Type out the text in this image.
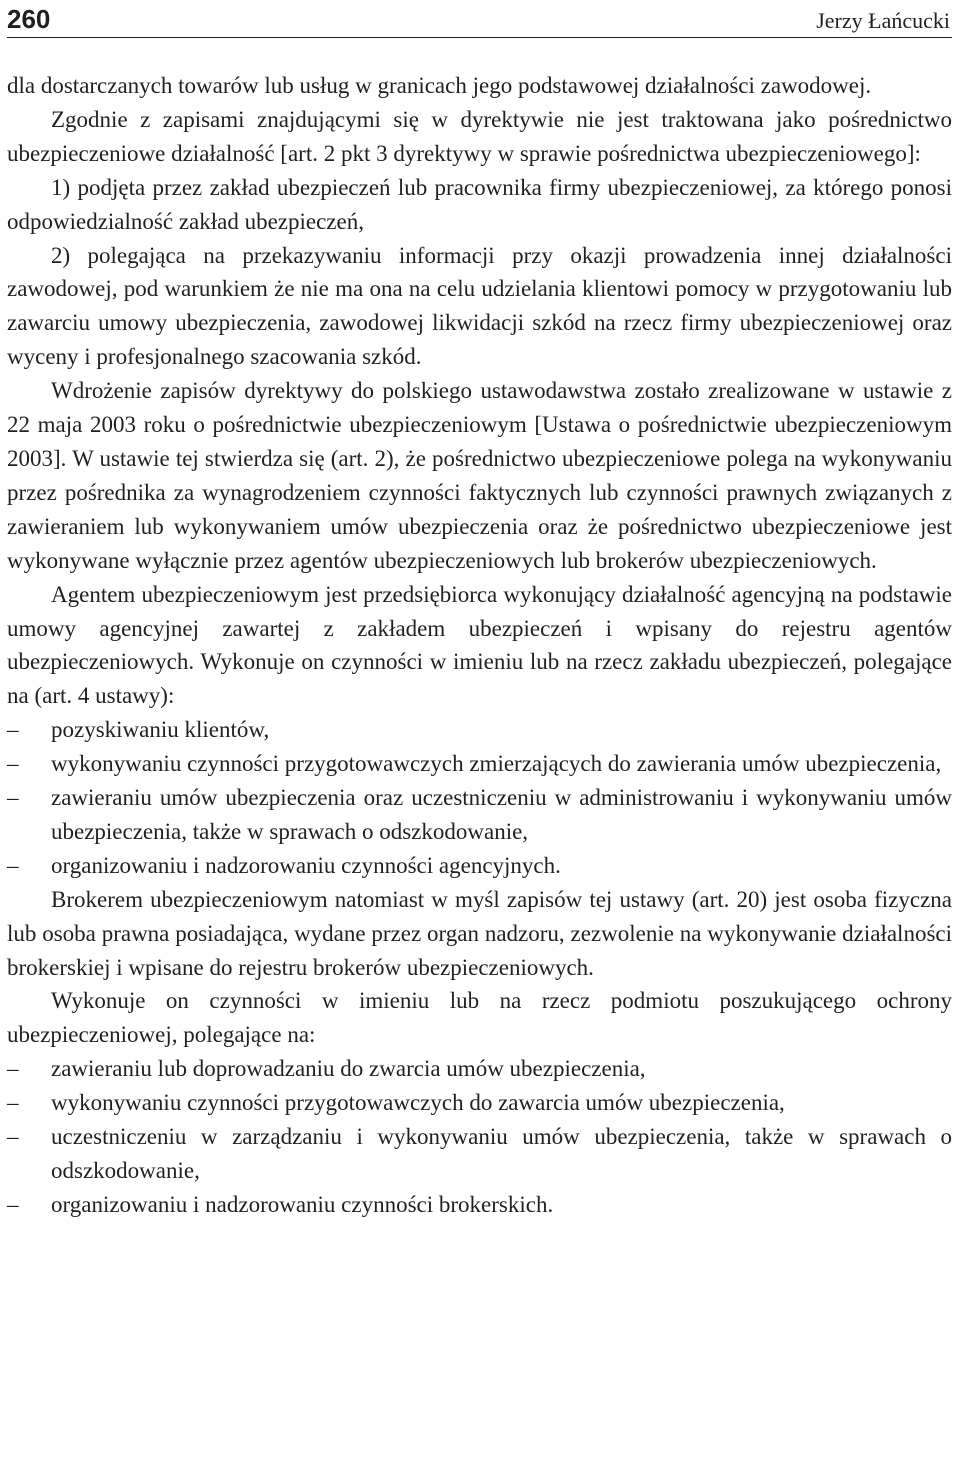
260	Jerzy Łańcucki

dla dostarczanych towarów lub usług w granicach jego podstawowej działalności zawodowej.

Zgodnie z zapisami znajdującymi się w dyrektywie nie jest traktowana jako pośrednictwo ubezpieczeniowe działalność [art. 2 pkt 3 dyrektywy w sprawie pośrednictwa ubezpieczeniowego]:

1) podjęta przez zakład ubezpieczeń lub pracownika firmy ubezpieczeniowej, za którego ponosi odpowiedzialność zakład ubezpieczeń,

2) polegająca na przekazywaniu informacji przy okazji prowadzenia innej działalności zawodowej, pod warunkiem że nie ma ona na celu udzielania klientowi pomocy w przygotowaniu lub zawarciu umowy ubezpieczenia, zawodowej likwidacji szkód na rzecz firmy ubezpieczeniowej oraz wyceny i profesjonalnego szacowania szkód.

Wdrożenie zapisów dyrektywy do polskiego ustawodawstwa zostało zrealizowane w ustawie z 22 maja 2003 roku o pośrednictwie ubezpieczeniowym [Ustawa o pośrednictwie ubezpieczeniowym 2003]. W ustawie tej stwierdza się (art. 2), że pośrednictwo ubezpieczeniowe polega na wykonywaniu przez pośrednika za wynagrodzeniem czynności faktycznych lub czynności prawnych związanych z zawieraniem lub wykonywaniem umów ubezpieczenia oraz że pośrednictwo ubezpieczeniowe jest wykonywane wyłącznie przez agentów ubezpieczeniowych lub brokerów ubezpieczeniowych.

Agentem ubezpieczeniowym jest przedsiębiorca wykonujący działalność agencyjną na podstawie umowy agencyjnej zawartej z zakładem ubezpieczeń i wpisany do rejestru agentów ubezpieczeniowych. Wykonuje on czynności w imieniu lub na rzecz zakładu ubezpieczeń, polegające na (art. 4 ustawy):

–	pozyskiwaniu klientów,
–	wykonywaniu czynności przygotowawczych zmierzających do zawierania umów ubezpieczenia,
–	zawieraniu umów ubezpieczenia oraz uczestniczeniu w administrowaniu i wykonywaniu umów ubezpieczenia, także w sprawach o odszkodowanie,
–	organizowaniu i nadzorowaniu czynności agencyjnych.

Brokerem ubezpieczeniowym natomiast w myśl zapisów tej ustawy (art. 20) jest osoba fizyczna lub osoba prawna posiadająca, wydane przez organ nadzoru, zezwolenie na wykonywanie działalności brokerskiej i wpisane do rejestru brokerów ubezpieczeniowych.

Wykonuje on czynności w imieniu lub na rzecz podmiotu poszukującego ochrony ubezpieczeniowej, polegające na:

–	zawieraniu lub doprowadzaniu do zwarcia umów ubezpieczenia,
–	wykonywaniu czynności przygotowawczych do zawarcia umów ubezpieczenia,
–	uczestniczeniu w zarządzaniu i wykonywaniu umów ubezpieczenia, także w sprawach o odszkodowanie,
–	organizowaniu i nadzorowaniu czynności brokerskich.
